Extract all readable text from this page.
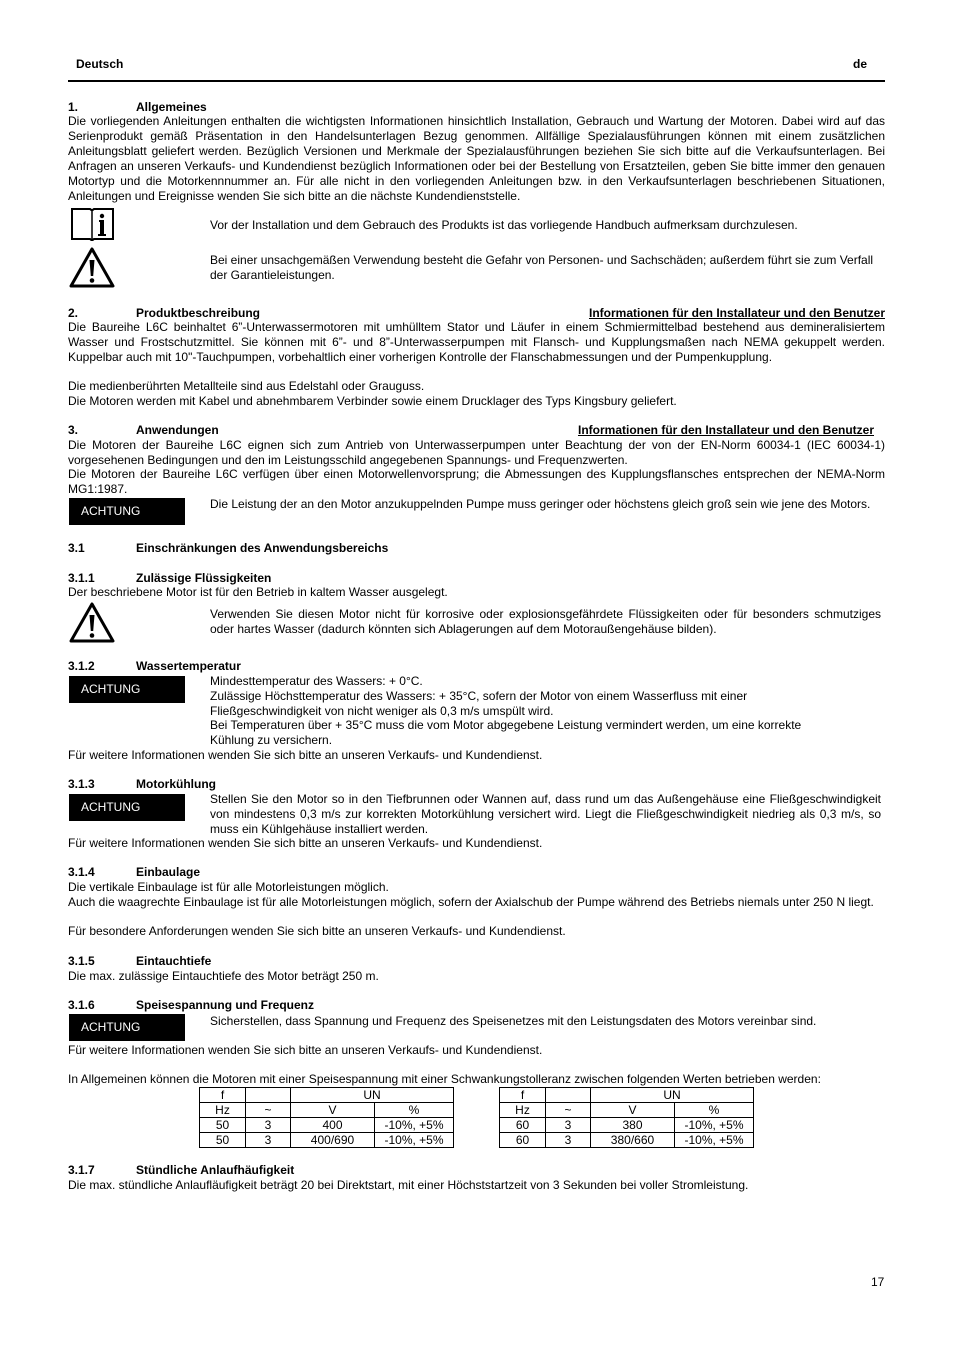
Deutsch	de
1.	Allgemeines
Die vorliegenden Anleitungen enthalten die wichtigsten Informationen hinsichtlich Installation, Gebrauch und Wartung der Motoren. Dabei wird auf das Serienprodukt gemäß Präsentation in den Handelsunterlagen Bezug genommen. Allfällige Spezialausführungen können mit einem zusätzlichen Anleitungsblatt geliefert werden. Bezüglich Versionen und Merkmale der Spezialausführungen beziehen Sie sich bitte auf die Verkaufsunterlagen. Bei Anfragen an unseren Verkaufs- und Kundendienst bezüglich Informationen oder bei der Bestellung von Ersatzteilen, geben Sie bitte immer den genauen Motortyp und die Motorkennnummer an. Für alle nicht in den vorliegenden Anleitungen bzw. in den Verkaufsunterlagen beschriebenen Situationen, Anleitungen und Ereignisse wenden Sie sich bitte an die nächste Kundendienststelle.
Vor der Installation und dem Gebrauch des Produkts ist das vorliegende Handbuch aufmerksam durchzulesen.
Bei einer unsachgemäßen Verwendung besteht die Gefahr von Personen- und Sachschäden; außerdem führt sie zum Verfall der Garantieleistungen.
2.	Produktbeschreibung	Informationen für den Installateur und den Benutzer
Die Baureihe L6C beinhaltet 6”-Unterwassermotoren mit umhülltem Stator und Läufer in einem Schmiermittelbad bestehend aus demineralisiertem Wasser und Frostschutzmittel. Sie können mit 6”- und 8”-Unterwasserpumpen mit Flansch- und Kupplungsmaßen nach NEMA gekuppelt werden. Kuppelbar auch mit 10"-Tauchpumpen, vorbehaltlich einer vorherigen Kontrolle der Flanschabmessungen und der Pumpenkupplung.
Die medienberührten Metallteile sind aus Edelstahl oder Grauguss.
Die Motoren werden mit Kabel und abnehmbarem Verbinder sowie einem Drucklager des Typs Kingsbury geliefert.
3.	Anwendungen	Informationen für den Installateur und den Benutzer
Die Motoren der Baureihe L6C eignen sich zum Antrieb von Unterwasserpumpen unter Beachtung der von der EN-Norm 60034-1 (IEC 60034-1) vorgesehenen Bedingungen und den im Leistungsschild angegebenen Spannungs- und Frequenzwerten.
Die Motoren der Baureihe L6C verfügen über einen Motorwellenvorsprung; die Abmessungen des Kupplungsflansches entsprechen der NEMA-Norm MG1:1987.
ACHTUNG	Die Leistung der an den Motor anzukuppelnden Pumpe muss geringer oder höchstens gleich groß sein wie jene des Motors.
3.1	Einschränkungen des Anwendungsbereichs
3.1.1	Zulässige Flüssigkeiten
Der beschriebene Motor ist für den Betrieb in kaltem Wasser ausgelegt.
Verwenden Sie diesen Motor nicht für korrosive oder explosionsgefährdete Flüssigkeiten oder für besonders schmutziges oder hartes Wasser (dadurch könnten sich Ablagerungen auf dem Motoraußengehäuse bilden).
3.1.2	Wassertemperatur
ACHTUNG
Mindesttemperatur des Wassers: + 0°C.
Zulässige Höchsttemperatur des Wassers: + 35°C, sofern der Motor von einem Wasserfluss mit einer
Fließgeschwindigkeit von nicht weniger als 0,3 m/s umspült wird.
Bei Temperaturen über + 35°C muss die vom Motor abgegebene Leistung vermindert werden, um eine korrekte
Kühlung zu versichern.
Für weitere Informationen wenden Sie sich bitte an unseren Verkaufs- und Kundendienst.
3.1.3	Motorkühlung
ACHTUNG
Stellen Sie den Motor so in den Tiefbrunnen oder Wannen auf, dass rund um das Außengehäuse eine Fließgeschwindigkeit von mindestens 0,3 m/s zur korrekten Motorkühlung versichert wird. Liegt die Fließgeschwindigkeit niedrieg als 0,3 m/s, so muss ein Kühlgehäuse installiert werden.
Für weitere Informationen wenden Sie sich bitte an unseren Verkaufs- und Kundendienst.
3.1.4	Einbaulage
Die vertikale Einbaulage ist für alle Motorleistungen möglich.
Auch die waagrechte Einbaulage ist für alle Motorleistungen möglich, sofern der Axialschub der Pumpe während des Betriebs niemals unter 250 N liegt.
Für besondere Anforderungen wenden Sie sich bitte an unseren Verkaufs- und Kundendienst.
3.1.5	Eintauchtiefe
Die max. zulässige Eintauchtiefe des Motor beträgt 250 m.
3.1.6	Speisespannung und Frequenz
ACHTUNG	Sicherstellen, dass Spannung und Frequenz des Speisenetzes mit den Leistungsdaten des Motors vereinbar sind.
Für weitere Informationen wenden Sie sich bitte an unseren Verkaufs- und Kundendienst.
In Allgemeinen können die Motoren mit einer Speisespannung mit einer Schwankungstolleranz zwischen folgenden Werten betrieben werden:
f		UN	
Hz	~	V	%
50	3	400	-10%, +5%
50	3	400/690	-10%, +5%
f		UN	
Hz	~	V	%
60	3	380	-10%, +5%
60	3	380/660	-10%, +5%
3.1.7	Stündliche Anlaufhäufigkeit
Die max. stündliche Anlaufläufigkeit beträgt 20 bei Direktstart, mit einer Höchststartzeit von 3 Sekunden bei voller Stromleistung.
17
